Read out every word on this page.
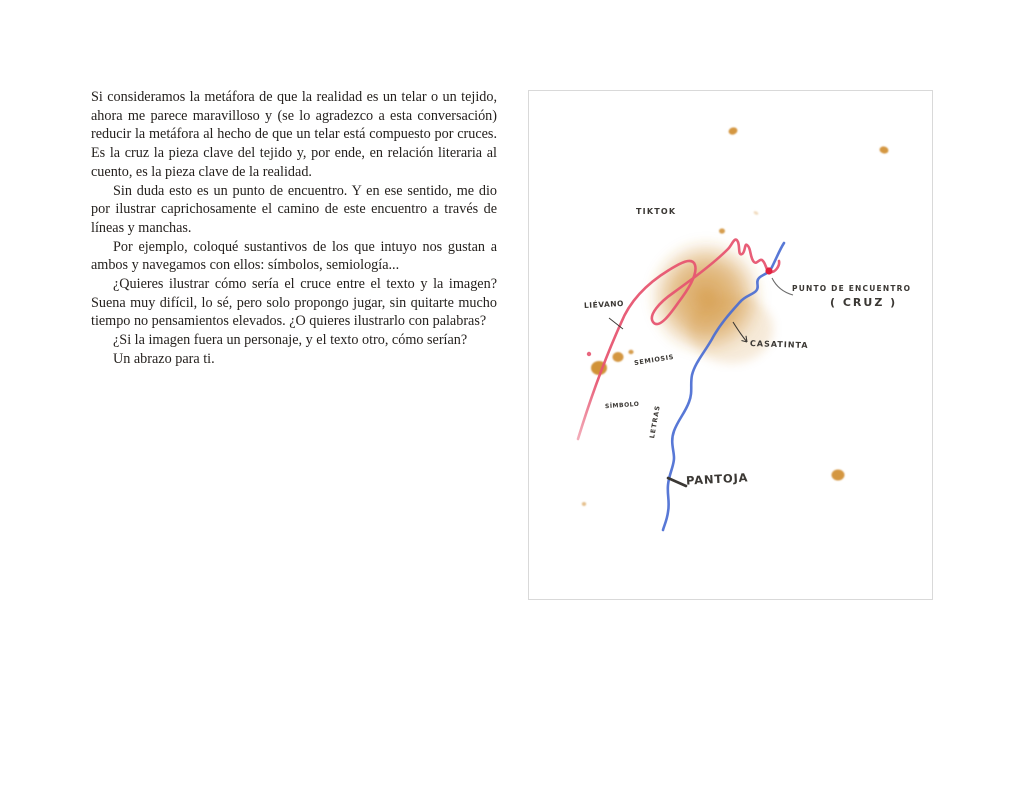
Si consideramos la metáfora de que la realidad es un telar o un tejido, ahora me parece maravilloso y (se lo agradezco a esta conversación) reducir la metáfora al hecho de que un telar está compuesto por cruces. Es la cruz la pieza clave del tejido y, por ende, en relación literaria al cuento, es la pieza clave de la realidad.

Sin duda esto es un punto de encuentro. Y en ese sentido, me dio por ilustrar caprichosamente el camino de este encuentro a través de líneas y manchas.

Por ejemplo, coloqué sustantivos de los que intuyo nos gustan a ambos y navegamos con ellos: símbolos, semiología...

¿Quieres ilustrar cómo sería el cruce entre el texto y la imagen? Suena muy difícil, lo sé, pero solo propongo jugar, sin quitarte mucho tiempo no pensamientos elevados. ¿O quieres ilustrarlo con palabras?

¿Si la imagen fuera un personaje, y el texto otro, cómo serían?

Un abrazo para ti.

TIKTOK
PUNTO DE ENCUENTRO
( CRUZ )
CASATINTA
LIÉVANO
SEMIOSIS
SÍMBOLO LETRAS
PANTOJA
